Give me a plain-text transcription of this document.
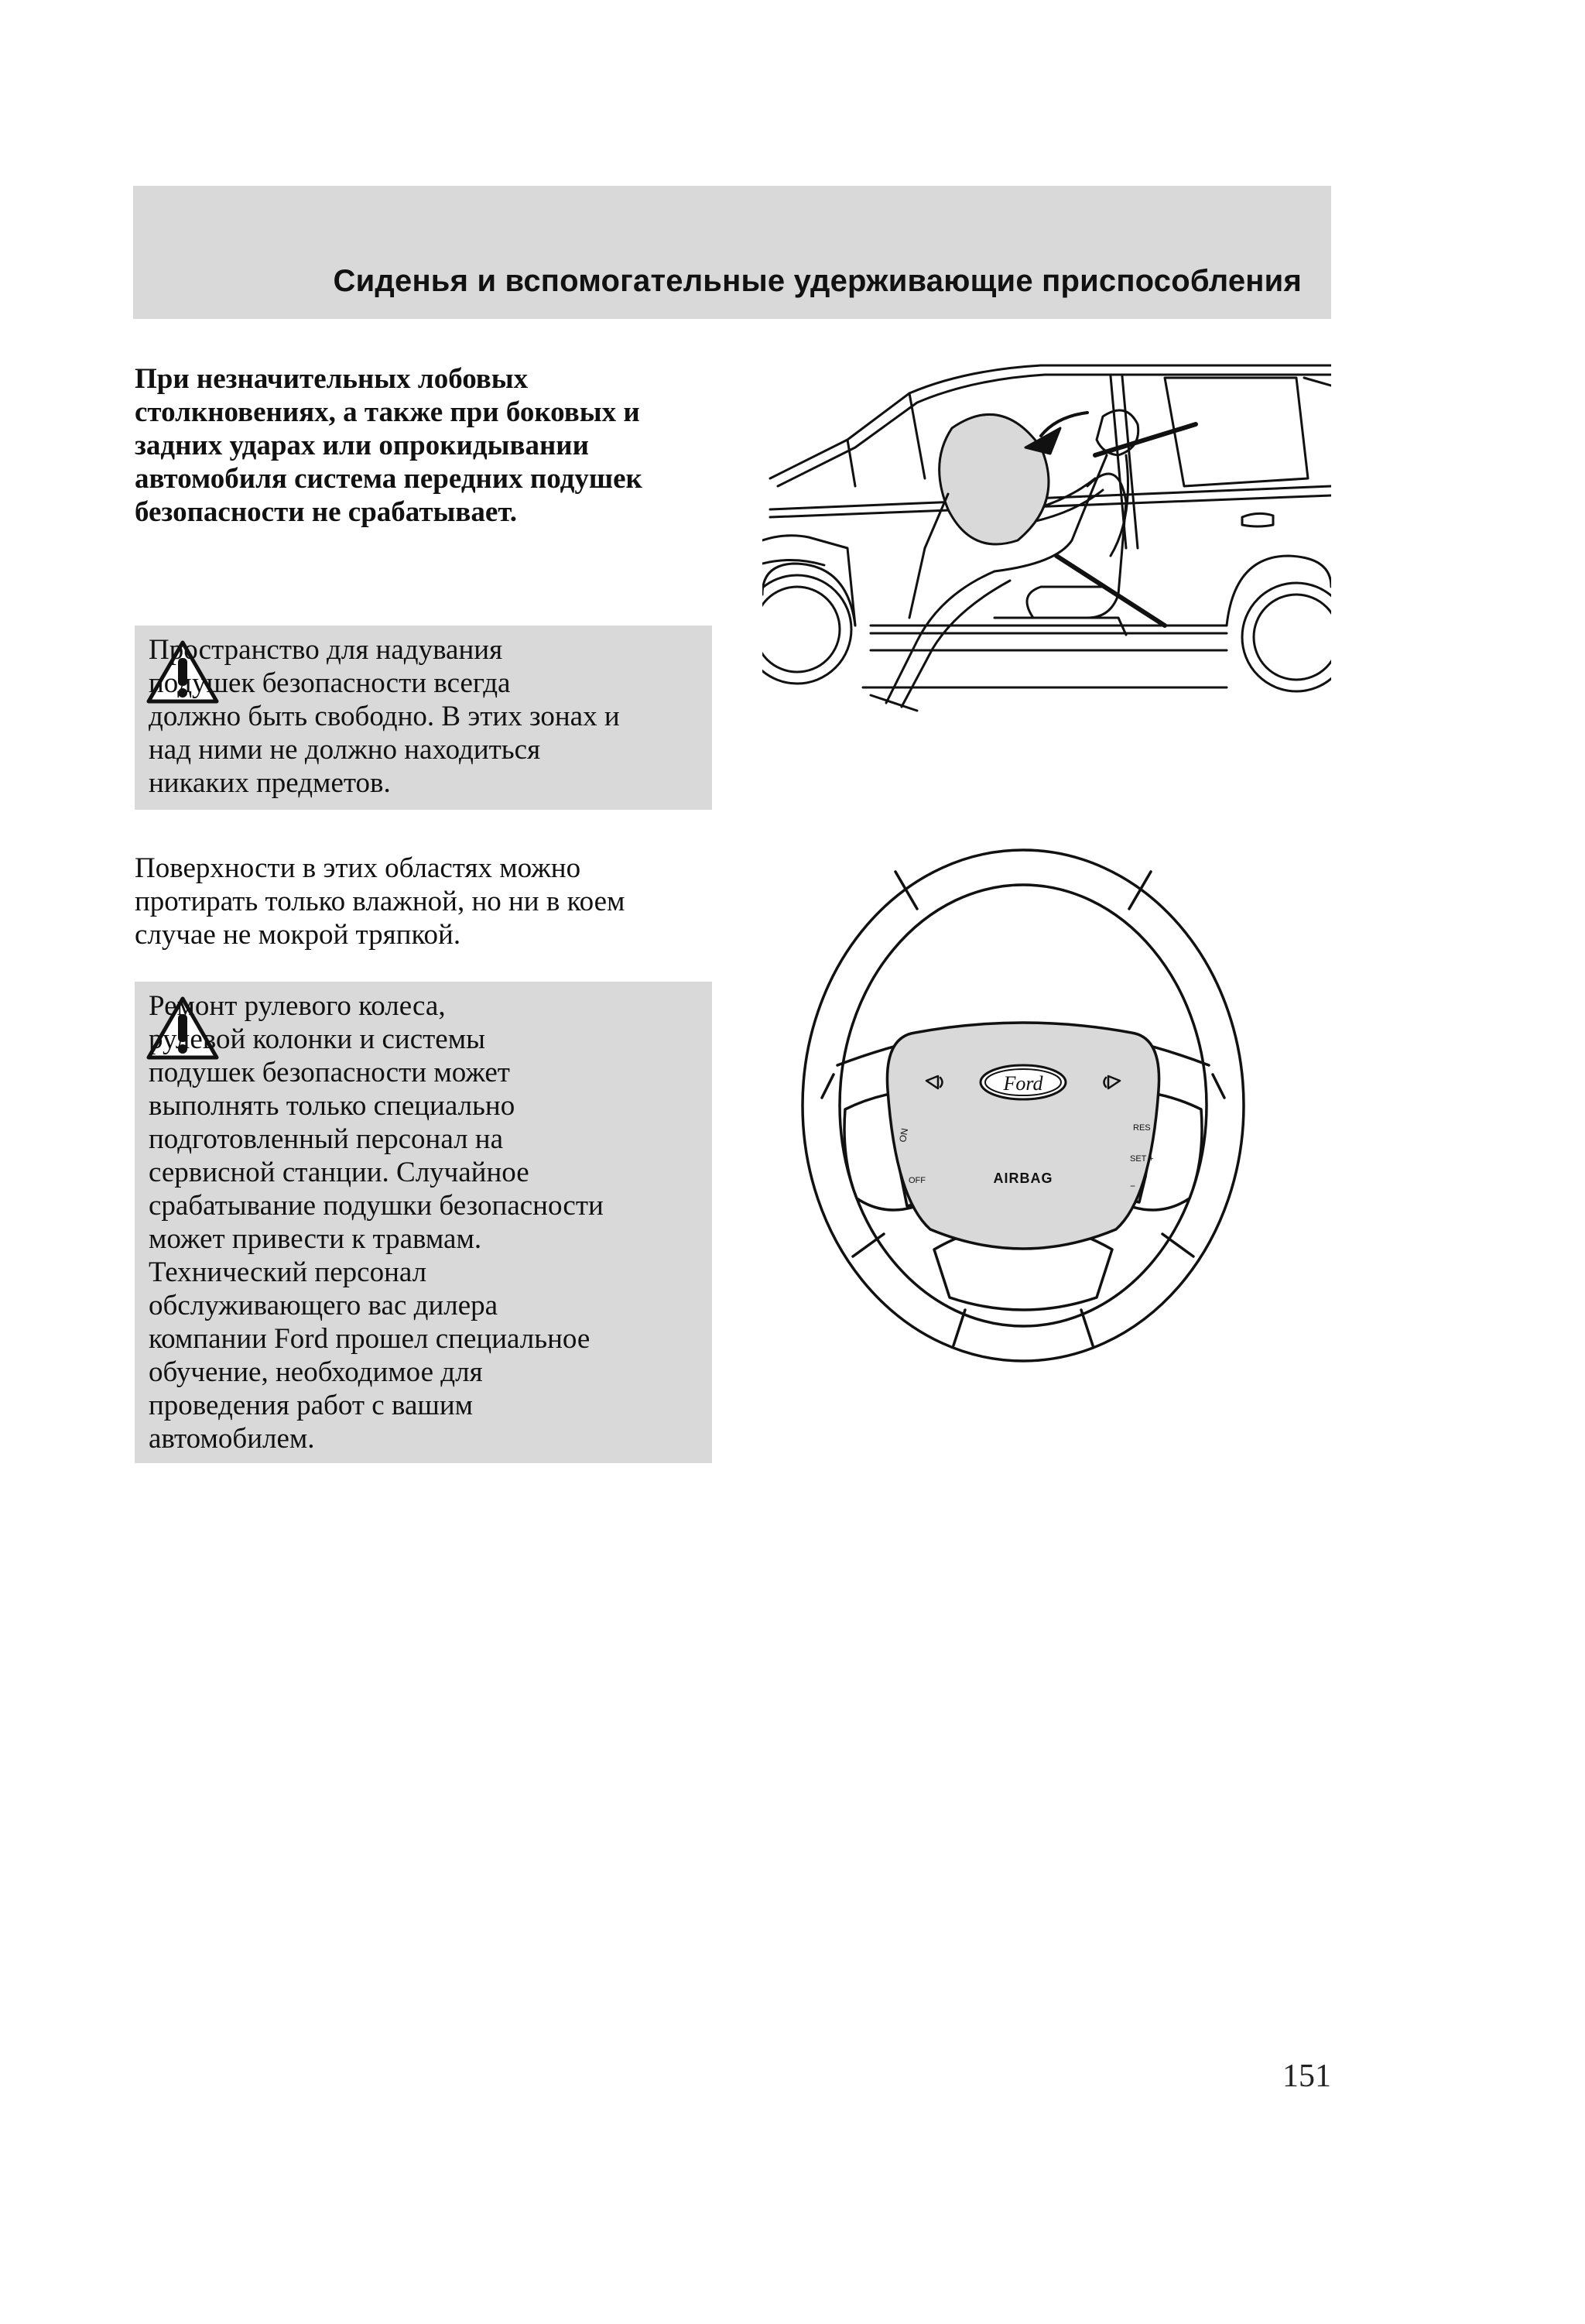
Сиденья и вспомогательные удерживающие приспособления
При незначительных лобовых
столкновениях, а также при боковых и
задних ударах или опрокидывании
автомобиля система передних подушек
безопасности не срабатывает.

Пространство для надувания
подушек безопасности всегда
должно быть свободно. В этих зонах и
над ними не должно находиться
никаких предметов.

Поверхности в этих областях можно
протирать только влажной, но ни в коем
случае не мокрой тряпкой.

Ремонт рулевого колеса,
рулевой колонки и системы
подушек безопасности может
выполнять только специально
подготовленный персонал на
сервисной станции. Случайное
срабатывание подушки безопасности
может привести к травмам.
Технический персонал
обслуживающего вас дилера
компании Ford прошел специальное
обучение, необходимое для
проведения работ с вашим
автомобилем.

Ford
AIRBAG
ON
OFF
RES
SET +
−
151
